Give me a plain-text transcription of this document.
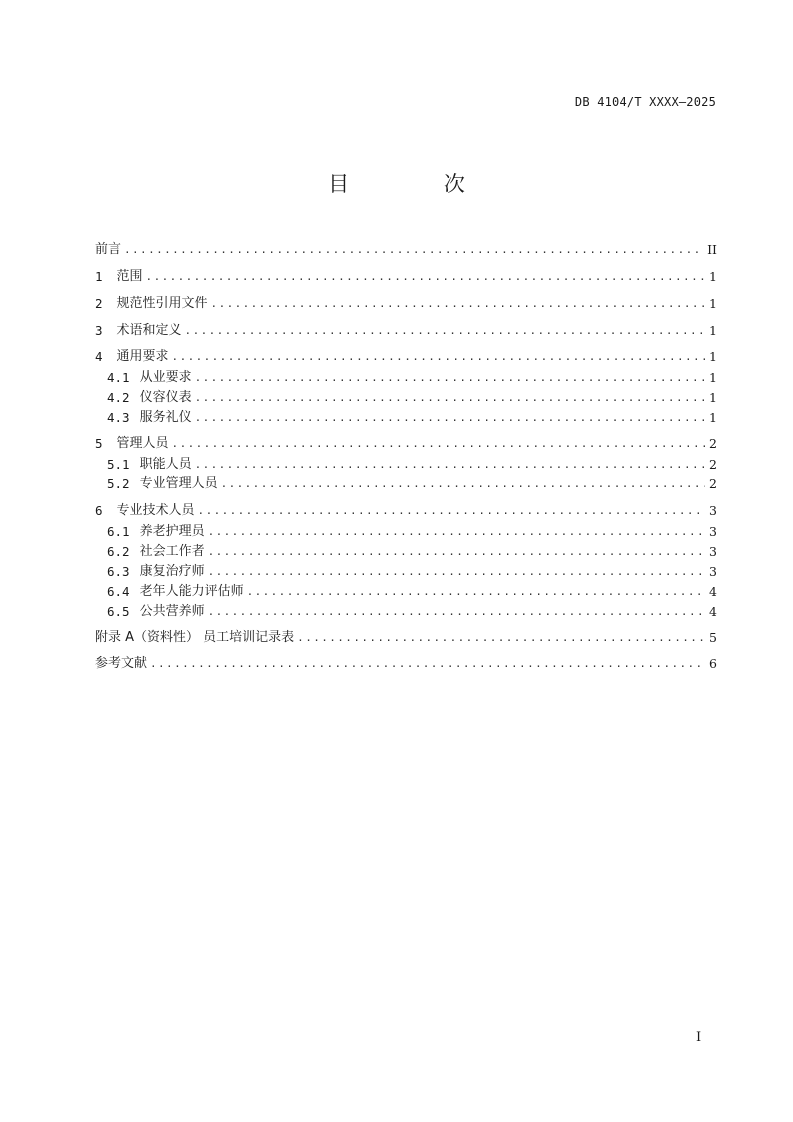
DB 4104/T XXXX—2025
目 次
前言 .....	II
1 范围 .....	1
2 规范性引用文件 .....	1
3 术语和定义 .....	1
4 通用要求 .....	1
4.1 从业要求 .....	1
4.2 仪容仪表 .....	1
4.3 服务礼仪 .....	1
5 管理人员 .....	2
5.1 职能人员 .....	2
5.2 专业管理人员 .....	2
6 专业技术人员 .....	3
6.1 养老护理员 .....	3
6.2 社会工作者 .....	3
6.3 康复治疗师 .....	3
6.4 老年人能力评估师 .....	4
6.5 公共营养师 .....	4
附录 A（资料性） 员工培训记录表 .....	5
参考文献 .....	6
I
